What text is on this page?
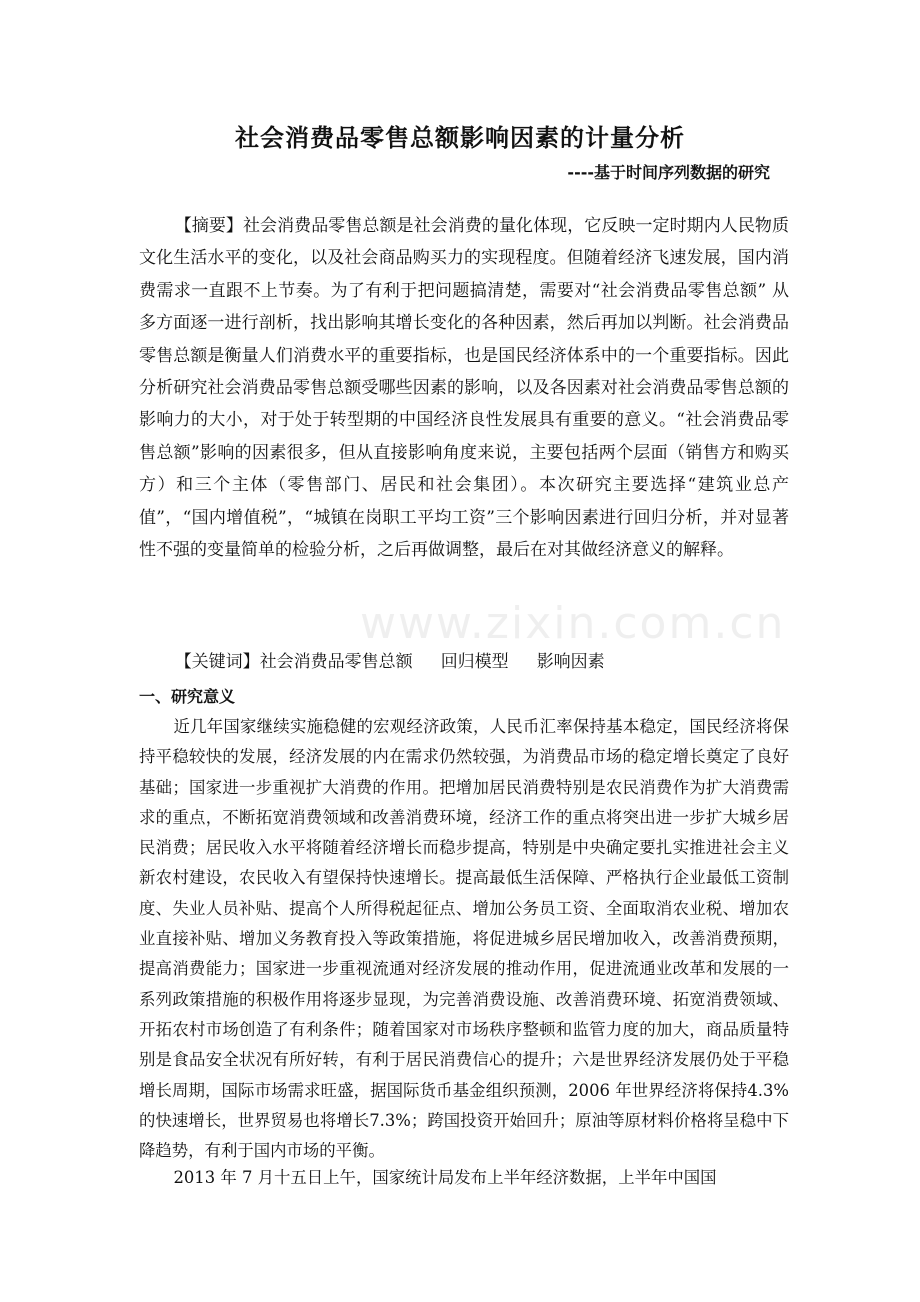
社会消费品零售总额影响因素的计量分析
----基于时间序列数据的研究
【摘要】社会消费品零售总额是社会消费的量化体现，它反映一定时期内人民物质文化生活水平的变化，以及社会商品购买力的实现程度。但随着经济飞速发展，国内消费需求一直跟不上节奏。为了有利于把问题搞清楚，需要对“社会消费品零售总额” 从多方面逐一进行剖析，找出影响其增长变化的各种因素，然后再加以判断。社会消费品零售总额是衡量人们消费水平的重要指标，也是国民经济体系中的一个重要指标。因此分析研究社会消费品零售总额受哪些因素的影响，以及各因素对社会消费品零售总额的影响力的大小，对于处于转型期的中国经济良性发展具有重要的意义。“社会消费品零售总额”影响的因素很多，但从直接影响角度来说，主要包括两个层面（销售方和购买方）和三个主体（零售部门、居民和社会集团）。本次研究主要选择“建筑业总产值”，“国内增值税”，“城镇在岗职工平均工资”三个影响因素进行回归分析，并对显著性不强的变量简单的检验分析，之后再做调整，最后在对其做经济意义的解释。
【关键词】社会消费品零售总额 回归模型 影响因素
一、研究意义
近几年国家继续实施稳健的宏观经济政策，人民币汇率保持基本稳定，国民经济将保持平稳较快的发展，经济发展的内在需求仍然较强，为消费品市场的稳定增长奠定了良好基础；国家进一步重视扩大消费的作用。把增加居民消费特别是农民消费作为扩大消费需求的重点，不断拓宽消费领域和改善消费环境，经济工作的重点将突出进一步扩大城乡居民消费；居民收入水平将随着经济增长而稳步提高，特别是中央确定要扎实推进社会主义新农村建设，农民收入有望保持快速增长。提高最低生活保障、严格执行企业最低工资制度、失业人员补贴、提高个人所得税起征点、增加公务员工资、全面取消农业税、增加农业直接补贴、增加义务教育投入等政策措施，将促进城乡居民增加收入，改善消费预期，提高消费能力；国家进一步重视流通对经济发展的推动作用，促进流通业改革和发展的一系列政策措施的积极作用将逐步显现，为完善消费设施、改善消费环境、拓宽消费领域、开拓农村市场创造了有利条件；随着国家对市场秩序整顿和监管力度的加大，商品质量特别是食品安全状况有所好转，有利于居民消费信心的提升；六是世界经济发展仍处于平稳增长周期，国际市场需求旺盛，据国际货币基金组织预测，2006 年世界经济将保持4.3%的快速增长，世界贸易也将增长7.3%；跨国投资开始回升；原油等原材料价格将呈稳中下降趋势，有利于国内市场的平衡。
2013 年 7 月十五日上午，国家统计局发布上半年经济数据，上半年中国国
www.zixin.com.cn
